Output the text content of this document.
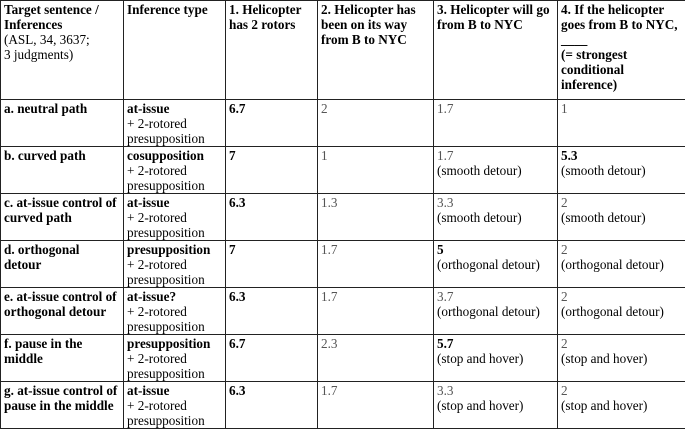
Target sentence / Inferences
(ASL, 34, 3637;
3 judgments)	Inference type	1. Helicopter has 2 rotors	2. Helicopter has been on its way from B to NYC	3. Helicopter will go from B to NYC	4. If the helicopter goes from B to NYC, ____
(= strongest conditional inference)

a. neutral path	at-issue
+ 2-rotored presupposition	6.7	2	1.7	1

b. curved path	cosupposition
+ 2-rotored presupposition	7	1	1.7
(smooth detour)	5.3
(smooth detour)

c. at-issue control of curved path	at-issue
+ 2-rotored presupposition	6.3	1.3	3.3
(smooth detour)	2
(smooth detour)

d. orthogonal detour	presupposition
+ 2-rotored presupposition	7	1.7	5
(orthogonal detour)	2
(orthogonal detour)

e. at-issue control of orthogonal detour	at-issue?
+ 2-rotored presupposition	6.3	1.7	3.7
(orthogonal detour)	2
(orthogonal detour)

f. pause in the middle	presupposition
+ 2-rotored presupposition	6.7	2.3	5.7
(stop and hover)	2
(stop and hover)

g. at-issue control of pause in the middle	at-issue
+ 2-rotored presupposition	6.3	1.7	3.3
(stop and hover)	2
(stop and hover)
